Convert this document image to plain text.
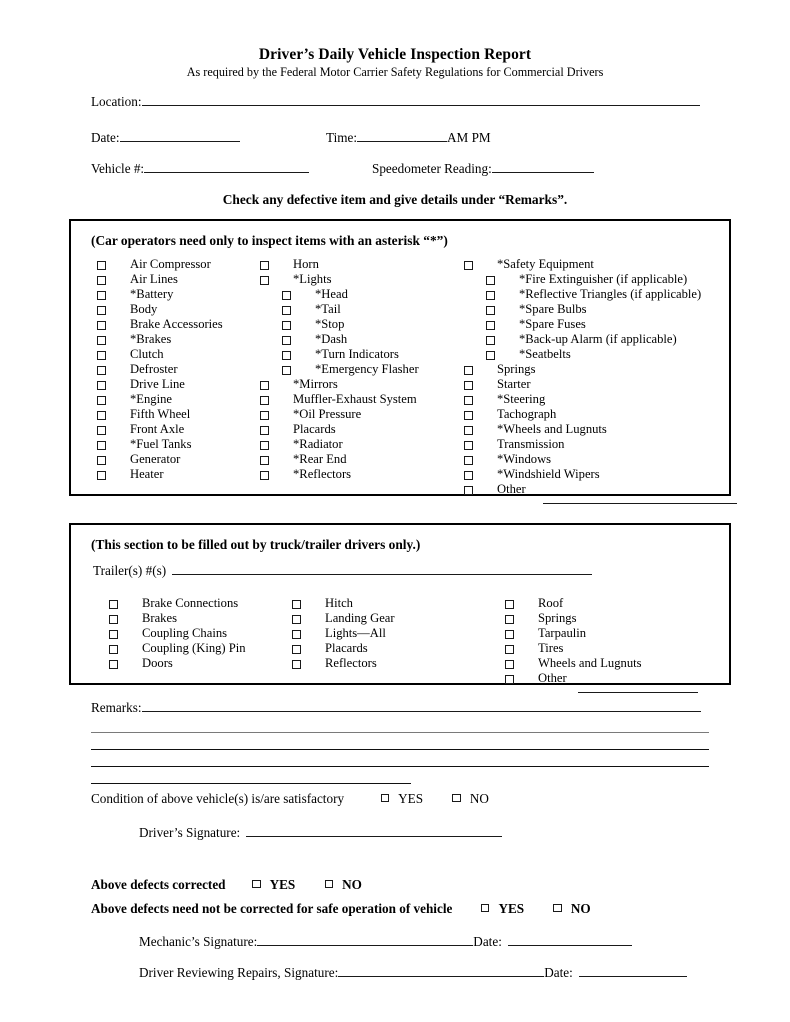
Driver’s Daily Vehicle Inspection Report
As required by the Federal Motor Carrier Safety Regulations for Commercial Drivers
Location:
Date:	Time:	AM PM
Vehicle #:	Speedometer Reading:
Check any defective item and give details under “Remarks”.
(Car operators need only to inspect items with an asterisk “*”)
Air Compressor
Air Lines
*Battery
Body
Brake Accessories
*Brakes
Clutch
Defroster
Drive Line
*Engine
Fifth Wheel
Front Axle
*Fuel Tanks
Generator
Heater
Horn
*Lights
*Head
*Tail
*Stop
*Dash
*Turn Indicators
*Emergency Flasher
*Mirrors
Muffler-Exhaust System
*Oil Pressure
Placards
*Radiator
*Rear End
*Reflectors
*Safety Equipment
*Fire Extinguisher (if applicable)
*Reflective Triangles (if applicable)
*Spare Bulbs
*Spare Fuses
*Back-up Alarm (if applicable)
*Seatbelts
Springs
Starter
*Steering
Tachograph
*Wheels and Lugnuts
Transmission
*Windows
*Windshield Wipers
Other
(This section to be filled out by truck/trailer drivers only.)
Trailer(s) #(s)
Brake Connections
Brakes
Coupling Chains
Coupling (King) Pin
Doors
Hitch
Landing Gear
Lights—All
Placards
Reflectors
Roof
Springs
Tarpaulin
Tires
Wheels and Lugnuts
Other
Remarks:
Condition of above vehicle(s) is/are satisfactory	YES	NO
Driver’s Signature:
Above defects corrected	YES	NO
Above defects need not be corrected for safe operation of vehicle	YES	NO
Mechanic’s Signature:	Date:
Driver Reviewing Repairs, Signature:	Date:
